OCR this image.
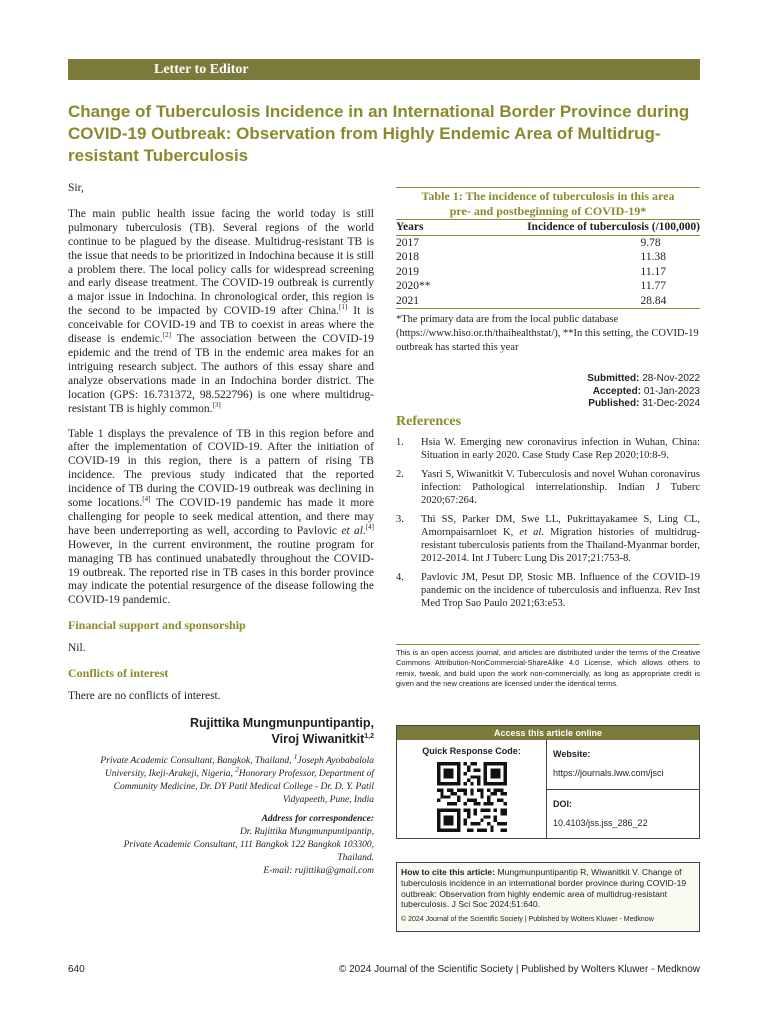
Letter to Editor
Change of Tuberculosis Incidence in an International Border Province during COVID-19 Outbreak: Observation from Highly Endemic Area of Multidrug-resistant Tuberculosis

Sir,

The main public health issue facing the world today is still pulmonary tuberculosis (TB). Several regions of the world continue to be plagued by the disease. Multidrug-resistant TB is the issue that needs to be prioritized in Indochina because it is still a problem there. The local policy calls for widespread screening and early disease treatment. The COVID-19 outbreak is currently a major issue in Indochina. In chronological order, this region is the second to be impacted by COVID-19 after China.[1] It is conceivable for COVID-19 and TB to coexist in areas where the disease is endemic.[2] The association between the COVID-19 epidemic and the trend of TB in the endemic area makes for an intriguing research subject. The authors of this essay share and analyze observations made in an Indochina border district. The location (GPS: 16.731372, 98.522796) is one where multidrug-resistant TB is highly common.[3]

Table 1 displays the prevalence of TB in this region before and after the implementation of COVID-19. After the initiation of COVID-19 in this region, there is a pattern of rising TB incidence. The previous study indicated that the reported incidence of TB during the COVID-19 outbreak was declining in some locations.[4] The COVID-19 pandemic has made it more challenging for people to seek medical attention, and there may have been underreporting as well, according to Pavlovic et al.[4] However, in the current environment, the routine program for managing TB has continued unabatedly throughout the COVID-19 outbreak. The reported rise in TB cases in this border province may indicate the potential resurgence of the disease following the COVID-19 pandemic.

Financial support and sponsorship

Nil.

Conflicts of interest

There are no conflicts of interest.

Rujittika Mungmunpuntipantip,
Viroj Wiwanitkit$^{1,2}$
Private Academic Consultant, Bangkok, Thailand, $^1$Joseph Ayobabalola University, Ikeji-Arakeji, Nigeria, $^2$Honorary Professor, Department of Community Medicine, Dr. DY Patil Medical College - Dr. D. Y. Patil Vidyapeeth, Pune, India
Address for correspondence:
Dr. Rujittika Mungmunpuntipantip,
Private Academic Consultant, 111 Bangkok 122 Bangkok 103300,
Thailand.
E-mail: rujittika@gmail.com
Table 1: The incidence of tuberculosis in this area
pre- and postbeginning of COVID-19*
Years	Incidence of tuberculosis (/100,000)
2017	9.78
2018	11.38
2019	11.17
2020**	11.77
2021	28.84
*The primary data are from the local public database (https://www.hiso.or.th/thaihealthstat/), **In this setting, the COVID-19 outbreak has started this year
Submitted: 28-Nov-2022
Accepted: 01-Jan-2023
Published: 31-Dec-2024
References
1. Hsia W. Emerging new coronavirus infection in Wuhan, China: Situation in early 2020. Case Study Case Rep 2020;10:8-9.
2. Yasri S, Wiwanitkit V. Tuberculosis and novel Wuhan coronavirus infection: Pathological interrelationship. Indian J Tuberc 2020;67:264.
3. Thi SS, Parker DM, Swe LL, Pukrittayakamee S, Ling CL, Amornpaisarnloet K, et al. Migration histories of multidrug-resistant tuberculosis patients from the Thailand-Myanmar border, 2012-2014. Int J Tuberc Lung Dis 2017;21:753-8.
4. Pavlovic JM, Pesut DP, Stosic MB. Influence of the COVID-19 pandemic on the incidence of tuberculosis and influenza. Rev Inst Med Trop Sao Paulo 2021;63:e53.
This is an open access journal, and articles are distributed under the terms of the Creative Commons Attribution-NonCommercial-ShareAlike 4.0 License, which allows others to remix, tweak, and build upon the work non-commercially, as long as appropriate credit is given and the new creations are licensed under the identical terms.
Access this article online
Quick Response Code:	Website:
https://journals.lww.com/jsci
DOI:
10.4103/jss.jss_286_22
How to cite this article: Mungmunpuntipantip R, Wiwanitkit V. Change of tuberculosis incidence in an international border province during COVID-19 outbreak: Observation from highly endemic area of multidrug-resistant tuberculosis. J Sci Soc 2024;51:640.
© 2024 Journal of the Scientific Society | Published by Wolters Kluwer - Medknow
640	© 2024 Journal of the Scientific Society | Published by Wolters Kluwer - Medknow
